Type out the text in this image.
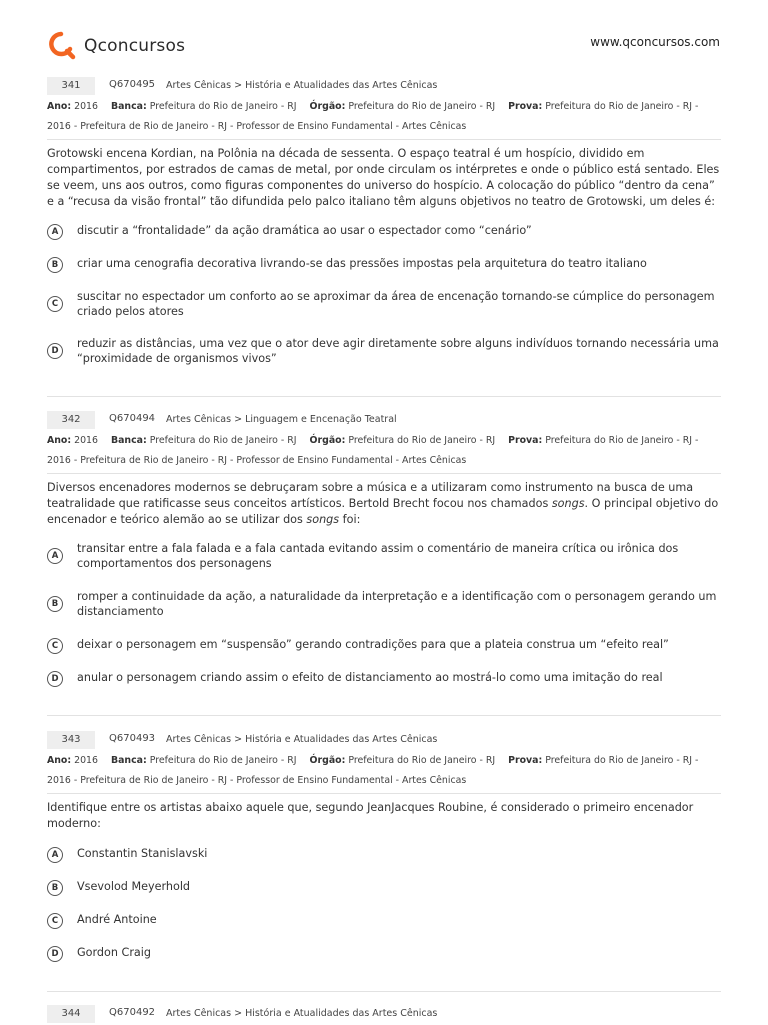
Qconcursos	www.qconcursos.com
341	Q670495 Artes Cênicas > História e Atualidades das Artes Cênicas
Ano: 2016 Banca: Prefeitura do Rio de Janeiro - RJ Órgão: Prefeitura do Rio de Janeiro - RJ Prova: Prefeitura do Rio de Janeiro - RJ -
2016 - Prefeitura de Rio de Janeiro - RJ - Professor de Ensino Fundamental - Artes Cênicas
Grotowski encena Kordian, na Polônia na década de sessenta. O espaço teatral é um hospício, dividido em compartimentos, por estrados de camas de metal, por onde circulam os intérpretes e onde o público está sentado. Eles se veem, uns aos outros, como figuras componentes do universo do hospício. A colocação do público “dentro da cena” e a “recusa da visão frontal” tão difundida pelo palco italiano têm alguns objetivos no teatro de Grotowski, um deles é:
A	discutir a “frontalidade” da ação dramática ao usar o espectador como “cenário”
B	criar uma cenografia decorativa livrando-se das pressões impostas pela arquitetura do teatro italiano
C
suscitar no espectador um conforto ao se aproximar da área de encenação tornando-se cúmplice do personagem criado pelos atores
D
reduzir as distâncias, uma vez que o ator deve agir diretamente sobre alguns indivíduos tornando necessária uma “proximidade de organismos vivos”
342	Q670494 Artes Cênicas > Linguagem e Encenação Teatral
Ano: 2016 Banca: Prefeitura do Rio de Janeiro - RJ Órgão: Prefeitura do Rio de Janeiro - RJ Prova: Prefeitura do Rio de Janeiro - RJ -
2016 - Prefeitura de Rio de Janeiro - RJ - Professor de Ensino Fundamental - Artes Cênicas
Diversos encenadores modernos se debruçaram sobre a música e a utilizaram como instrumento na busca de uma teatralidade que ratificasse seus conceitos artísticos. Bertold Brecht focou nos chamados songs. O principal objetivo do encenador e teórico alemão ao se utilizar dos songs foi:
A
transitar entre a fala falada e a fala cantada evitando assim o comentário de maneira crítica ou irônica dos comportamentos dos personagens
B
romper a continuidade da ação, a naturalidade da interpretação e a identificação com o personagem gerando um distanciamento
C	deixar o personagem em “suspensão” gerando contradições para que a plateia construa um “efeito real”
D	anular o personagem criando assim o efeito de distanciamento ao mostrá-lo como uma imitação do real
343	Q670493 Artes Cênicas > História e Atualidades das Artes Cênicas
Ano: 2016 Banca: Prefeitura do Rio de Janeiro - RJ Órgão: Prefeitura do Rio de Janeiro - RJ Prova: Prefeitura do Rio de Janeiro - RJ -
2016 - Prefeitura de Rio de Janeiro - RJ - Professor de Ensino Fundamental - Artes Cênicas
Identifique entre os artistas abaixo aquele que, segundo JeanJacques Roubine, é considerado o primeiro encenador moderno:
A	Constantin Stanislavski
B	Vsevolod Meyerhold
C	André Antoine
D	Gordon Craig
344	Q670492 Artes Cênicas > História e Atualidades das Artes Cênicas
